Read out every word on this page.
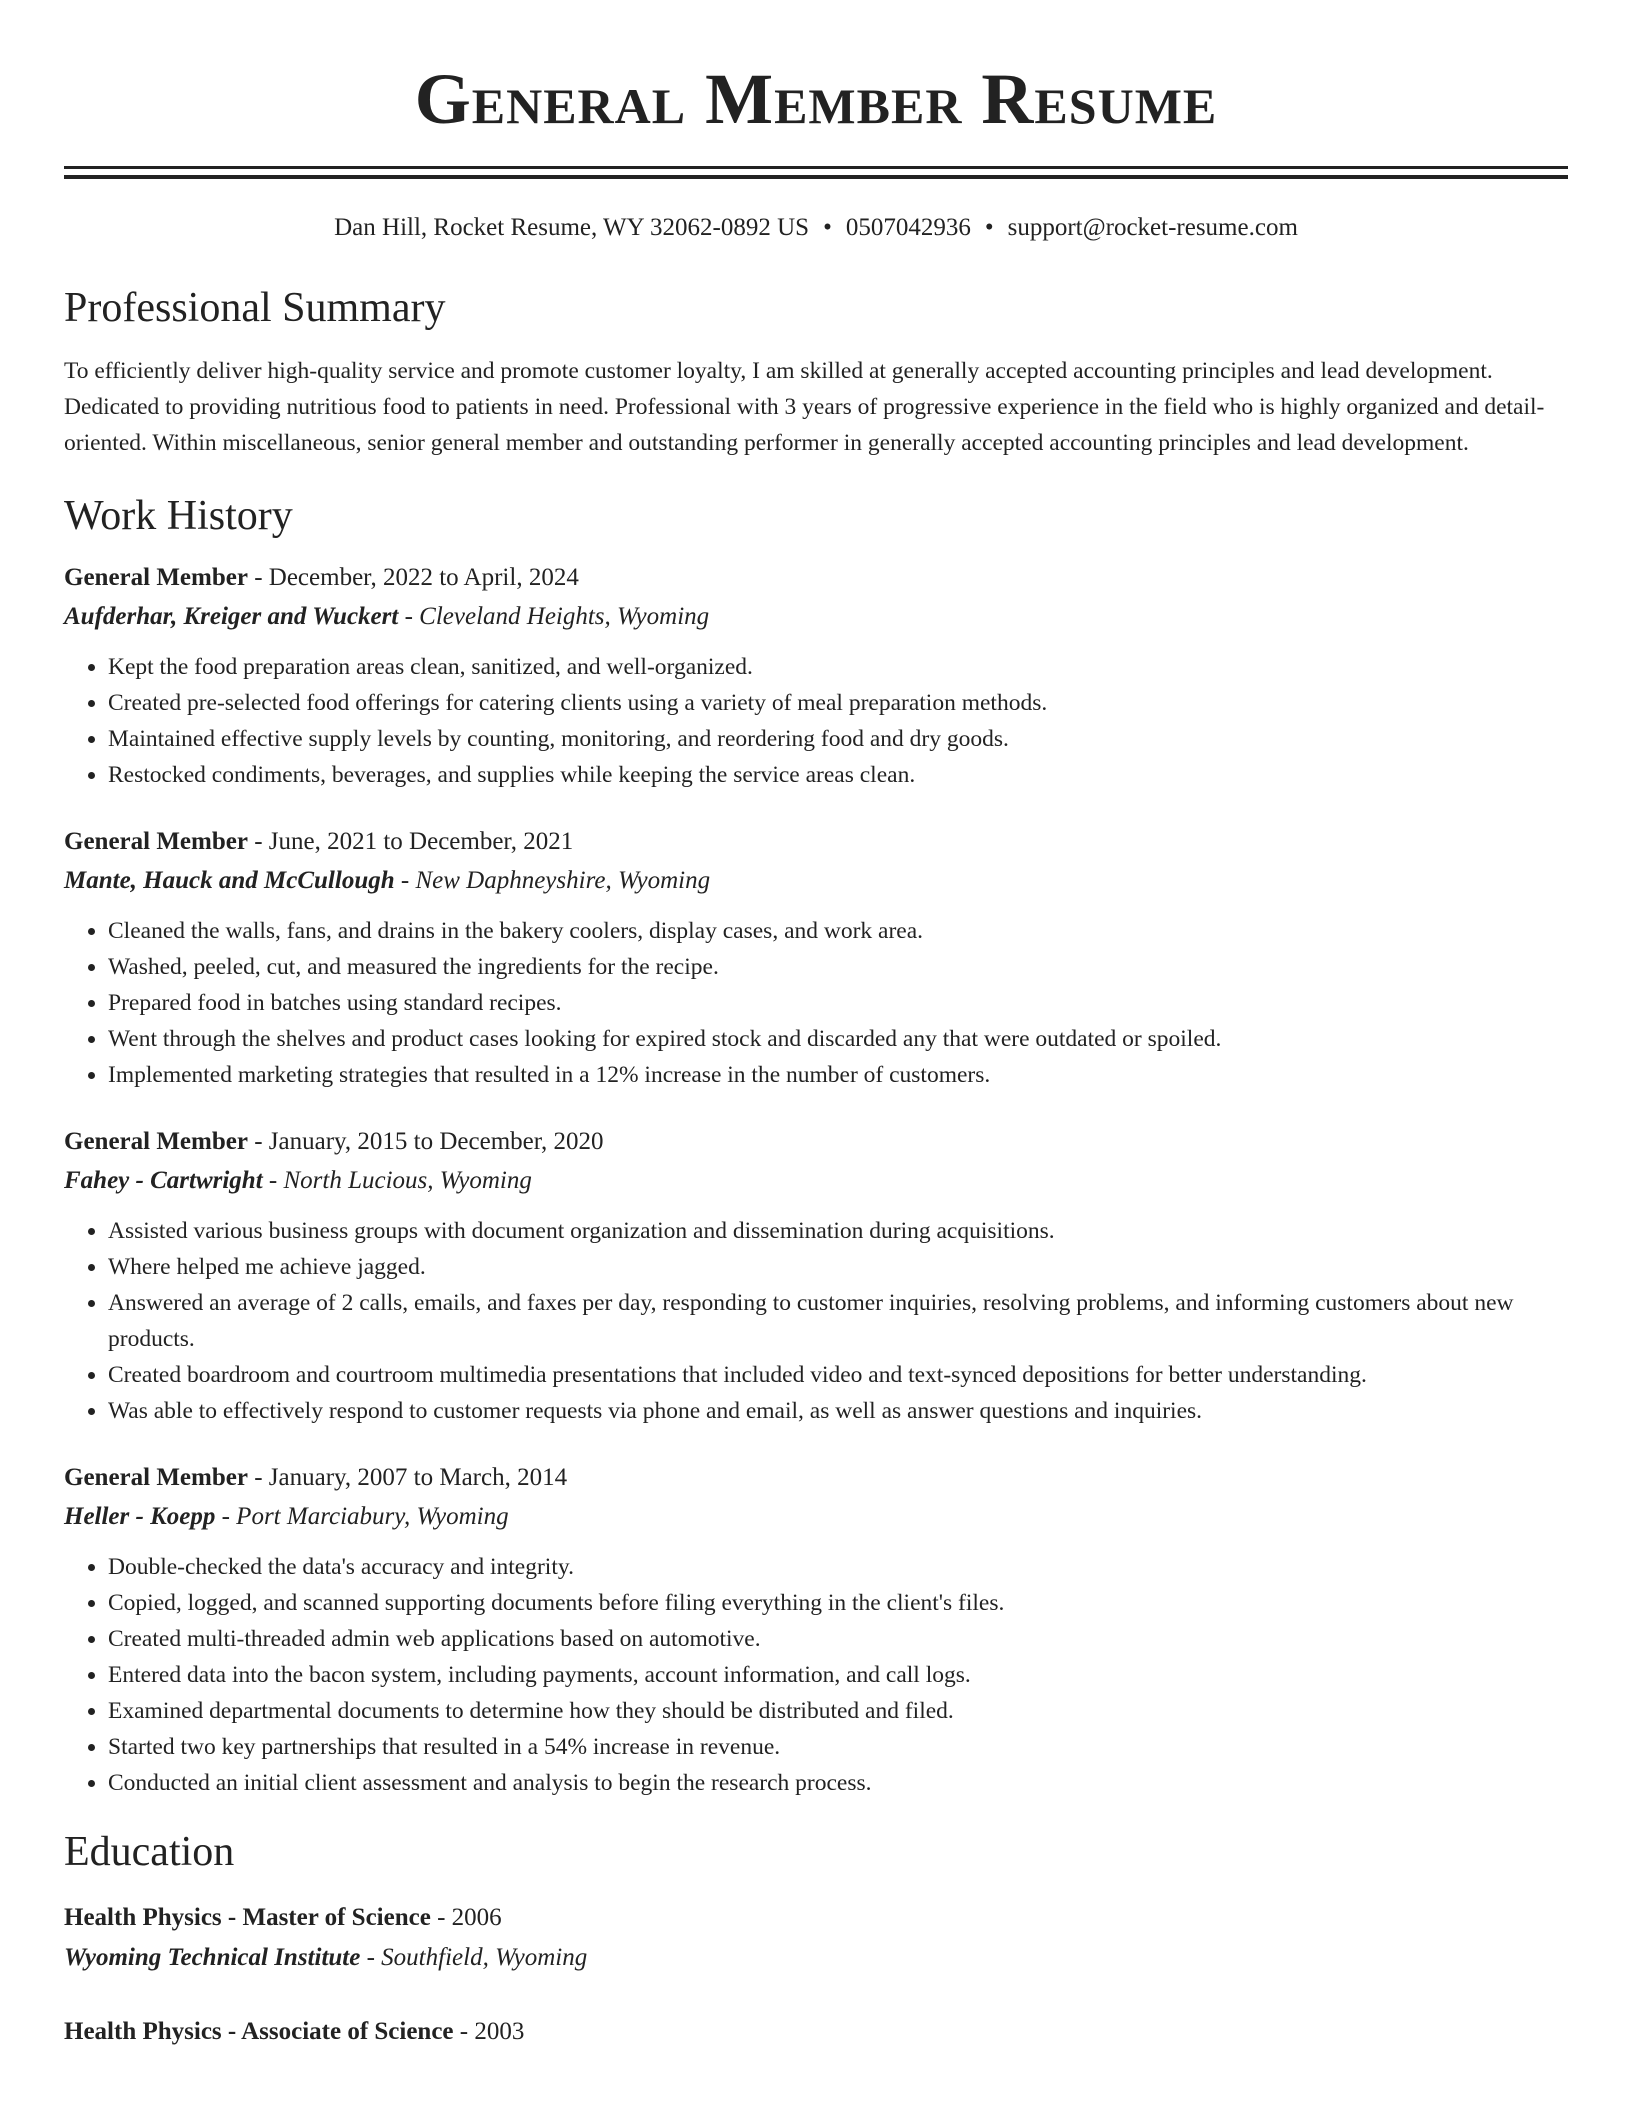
General Member Resume
Dan Hill, Rocket Resume, WY 32062-0892 US • 0507042936 • support@rocket-resume.com
Professional Summary

To efficiently deliver high-quality service and promote customer loyalty, I am skilled at generally accepted accounting principles and lead development. Dedicated to providing nutritious food to patients in need. Professional with 3 years of progressive experience in the field who is highly organized and detail-oriented. Within miscellaneous, senior general member and outstanding performer in generally accepted accounting principles and lead development.

Work History
General Member - December, 2022 to April, 2024
Aufderhar, Kreiger and Wuckert - Cleveland Heights, Wyoming
• Kept the food preparation areas clean, sanitized, and well-organized.
• Created pre-selected food offerings for catering clients using a variety of meal preparation methods.
• Maintained effective supply levels by counting, monitoring, and reordering food and dry goods.
• Restocked condiments, beverages, and supplies while keeping the service areas clean.
General Member - June, 2021 to December, 2021
Mante, Hauck and McCullough - New Daphneyshire, Wyoming
• Cleaned the walls, fans, and drains in the bakery coolers, display cases, and work area.
• Washed, peeled, cut, and measured the ingredients for the recipe.
• Prepared food in batches using standard recipes.
• Went through the shelves and product cases looking for expired stock and discarded any that were outdated or spoiled.
• Implemented marketing strategies that resulted in a 12% increase in the number of customers.
General Member - January, 2015 to December, 2020
Fahey - Cartwright - North Lucious, Wyoming
• Assisted various business groups with document organization and dissemination during acquisitions.
• Where helped me achieve jagged.
• Answered an average of 2 calls, emails, and faxes per day, responding to customer inquiries, resolving problems, and informing customers about new products.
• Created boardroom and courtroom multimedia presentations that included video and text-synced depositions for better understanding.
• Was able to effectively respond to customer requests via phone and email, as well as answer questions and inquiries.
General Member - January, 2007 to March, 2014
Heller - Koepp - Port Marciabury, Wyoming
• Double-checked the data's accuracy and integrity.
• Copied, logged, and scanned supporting documents before filing everything in the client's files.
• Created multi-threaded admin web applications based on automotive.
• Entered data into the bacon system, including payments, account information, and call logs.
• Examined departmental documents to determine how they should be distributed and filed.
• Started two key partnerships that resulted in a 54% increase in revenue.
• Conducted an initial client assessment and analysis to begin the research process.
Education
Health Physics - Master of Science - 2006
Wyoming Technical Institute - Southfield, Wyoming
Health Physics - Associate of Science - 2003
